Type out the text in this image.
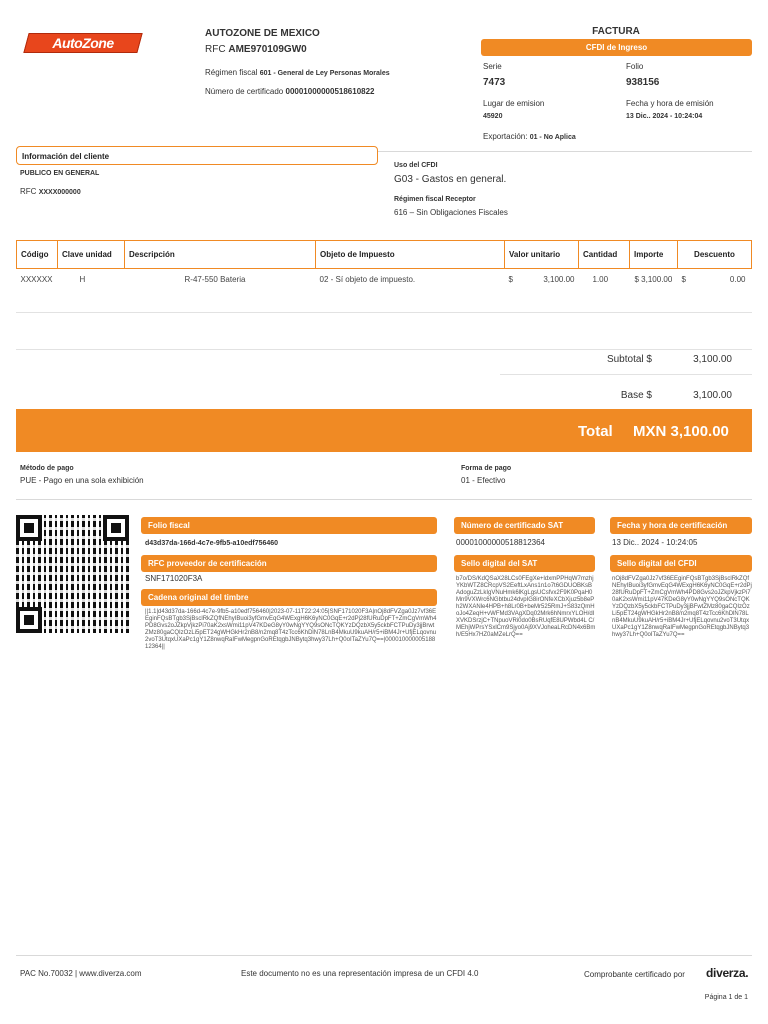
AutoZone
AUTOZONE DE MEXICO
RFC AME970109GW0
Régimen fiscal 601 - General de Ley Personas Morales
Número de certificado 00001000000518610822
FACTURA
CFDI de Ingreso
Serie
7473
Folio
938156
Lugar de emision
45920
Fecha y hora de emisión
13 Dic.. 2024 - 10:24:04
Exportación: 01 - No Aplica
Información del cliente
PUBLICO EN GENERAL
RFC XXXX000000
Uso del CFDI
G03 - Gastos en general.
Régimen fiscal Receptor
616 – Sin Obligaciones Fiscales
Código	Clave unidad	Descripción	Objeto de Impuesto	Valor unitario	Cantidad	Importe	Descuento
XXXXXX	H	R-47-550 Bateria	02 - Sí objeto de impuesto.	$ 3,100.00	1.00	$ 3,100.00	$ 0.00
Subtotal $	3,100.00
Base $	3,100.00
Total MXN 3,100.00
Método de pago
PUE - Pago en una sola exhibición
Forma de pago
01 - Efectivo
Folio fiscal
d43d37da-166d-4c7e-9fb5-a10edf756460
RFC proveedor de certificación
SNF171020F3A
Cadena original del timbre
||1.1|d43d37da-166d-4c7e-9fb5-a10edf756460|2023-07-11T22:24:05|SNF171020F3A|nOj8dFVZga0Jz7vf36EEginFQsBTgb3SjBsclRkZQfNEhyIBuoi3yfGmvEqG4WExgH6K6yNC0GqE+r2dPj28fURuDpFT+ZmCgVmWh4PD8Gvs2oJZkpVjkzPi70aK2xsWmi11pV47KDeG8yY0wNgYYQ9sONcTQKYzDQzbX5y5ckbFCTPuDy3jjBrwtZMz80gaCQIzOzLi5pET24gWHGkHr2nB8/n2mq8T4zTcc6KhDlN78LnB4MkuU9kuAH/r5+iBM4Jr+UfjELqovnu2voT3UtqxUXaPc1gY1Z8nwqRaIFwMegpnGoREtqgbJNBytq3hwy37Lh+Q0oITaZYu7Q==|00001000000518812364||
Número de certificado SAT
00001000000518812364
Sello digital del SAT
b7o/DS/KdQSaX28LCs0FEgXe+ldxmPPHqW7mzhjYKbWTZ8CRcpVS2EeftLxAns1n1o7t6GDUOBKsBAdoguZzLkIgVNuHmk6lKgLgsUCsfvx2F9K0PqaH0Mn9VXWrc6NGbtbu24dvpIG8irONfeXCbXjuz5b8ePh2WXANle4HPB+h8Lr0B+beMr525RmJ+S83zQmHoJo4ZeqH+vWFMd3VAgXDq02Mrk6hNmrxYLOH/dIXVKDSrzjC+TNpuoVRi0do0BsRUqfE8UPWbd4L C/MEhjWPrsYSxlCm9Sjyo0Aj9XVJoheaLRcDN4x6Bmh/E5Hx7HZ0aMZeLrQ==
Fecha y hora de certificación
13 Dic.. 2024 - 10:24:05
Sello digital del CFDI
nOj8dFVZga0Jz7vf36EEginFQsBTgb3SjBsclRkZQfNEhyIBuoi3yfGmvEqG4WExgH6K6yNC0GqE+r2dPj28fURuDpFT+ZmCgVmWh4PD8Gvs2oJZkpVjkzPi70aK2xsWmi11pV47KDeG8yY0wNgYYQ9sONcTQKYzDQzbX5y5ckbFCTPuDy3jjBFwtZMz80gaCQIzOzLi5pET24gWHGkHr2nB8/n2mq8T4zTcc6KhDlN78LnB4MkuU9kuAH/r5+iBM4Jr+UfjELqovnu2voT3UtqxUXaPc1gY1Z8nwqRaIFwMegpnGoREtqgbJNBytq3hwy37Lh+Q0oITaZYu7Q==
PAC No.70032 | www.diverza.com	Este documento no es una representación impresa de un CFDI 4.0	Comprobante certificado por diverza.
Página 1 de 1
